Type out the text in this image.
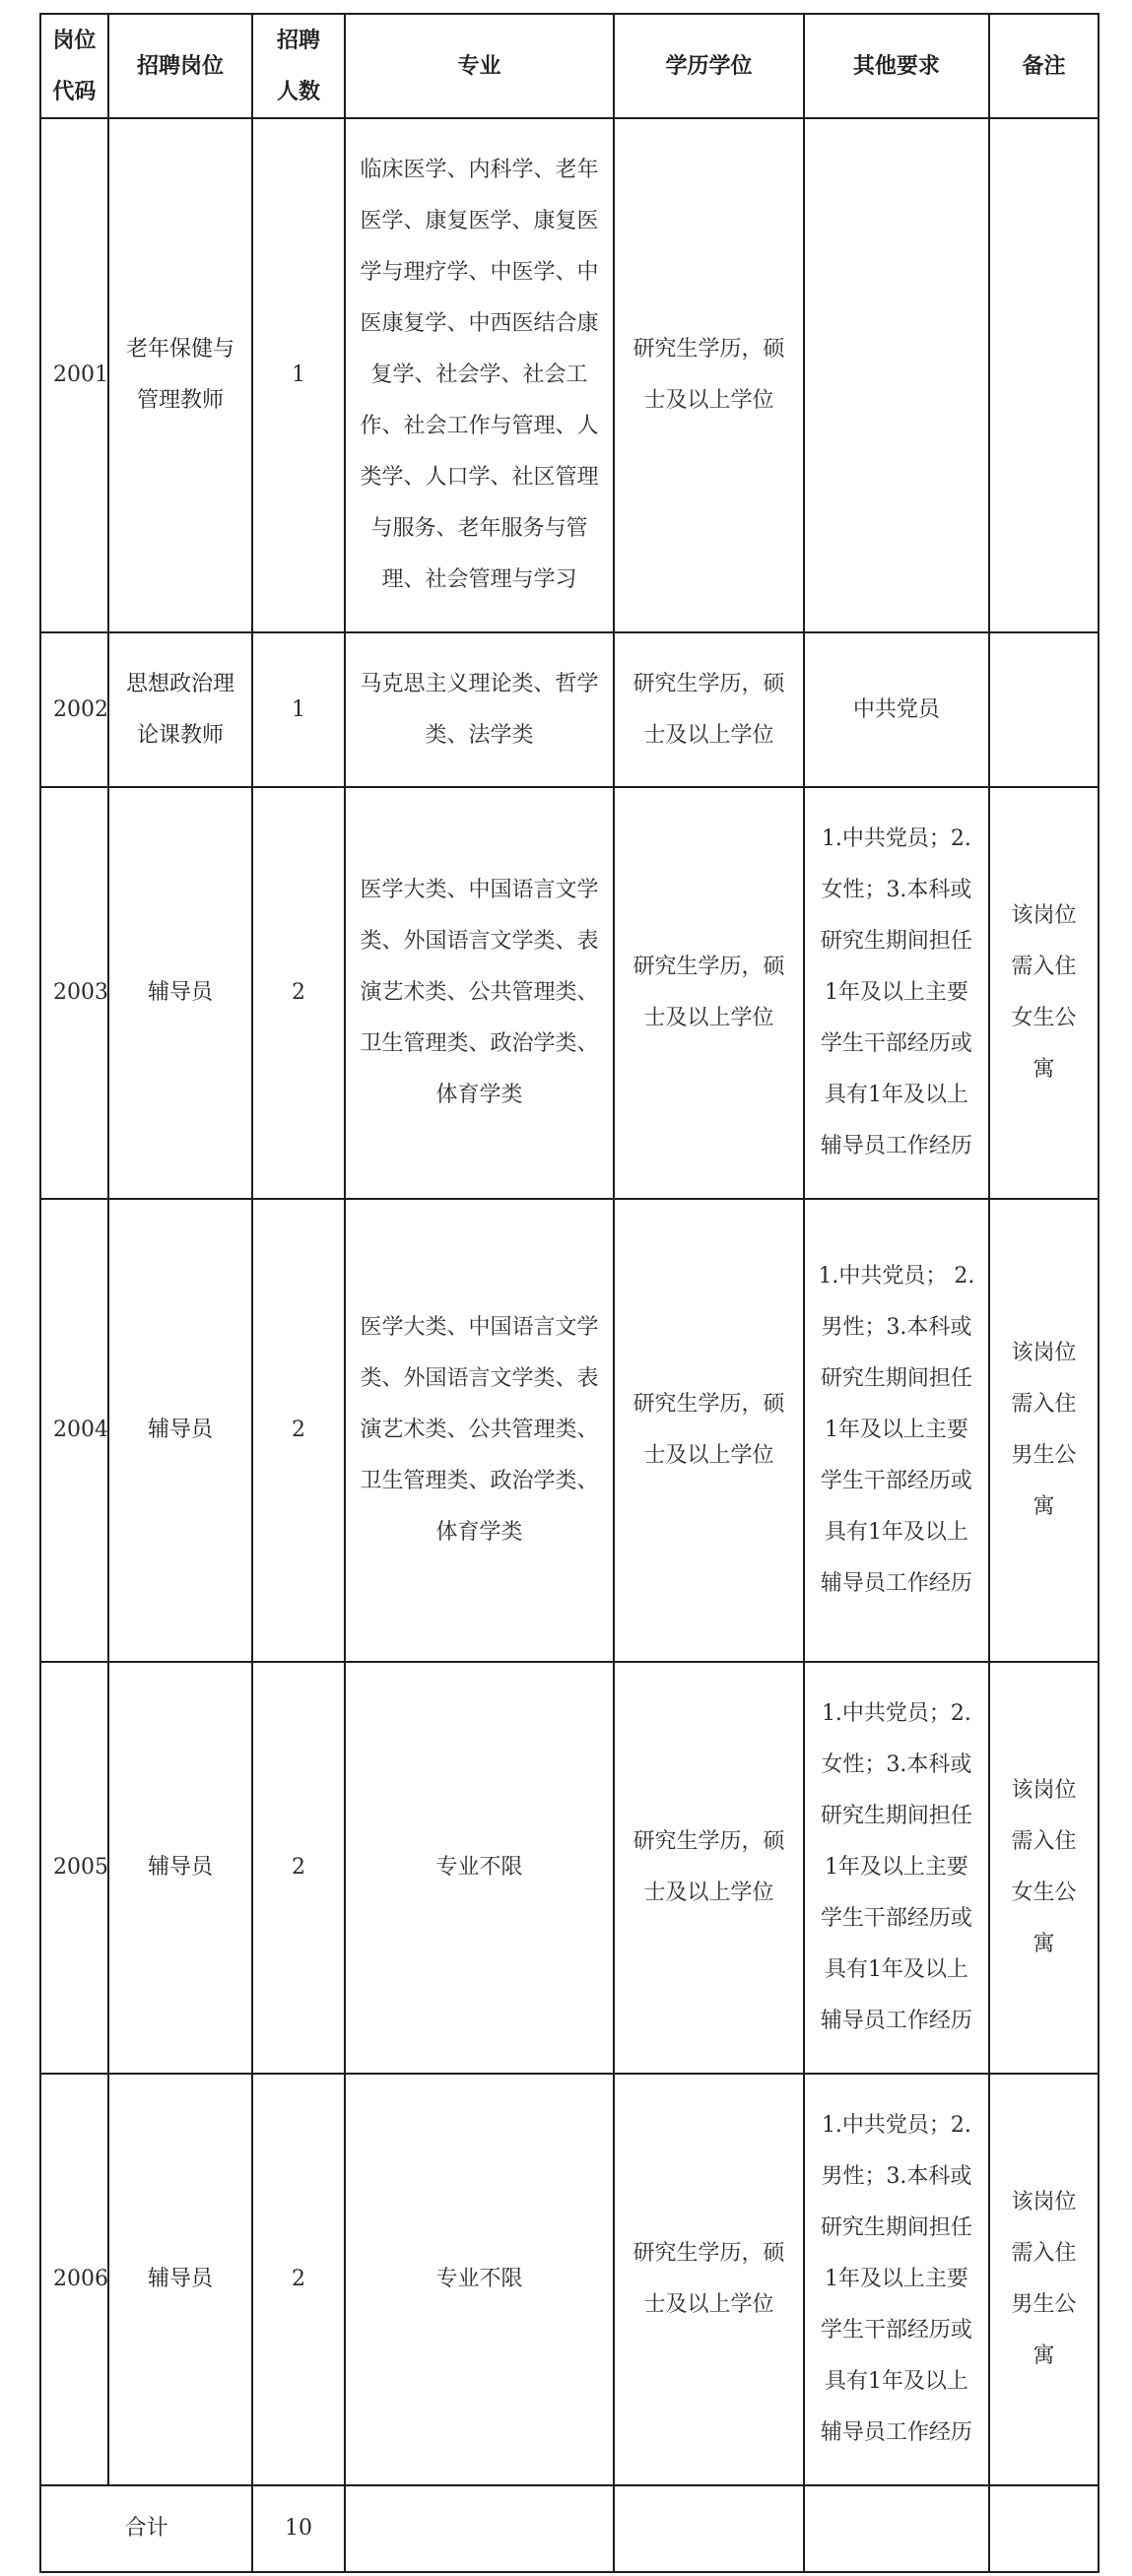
岗位代码	招聘岗位	招聘人数	专业	学历学位	其他要求	备注
2001	老年保健与管理教师	1	临床医学、内科学、老年医学、康复医学、康复医学与理疗学、中医学、中医康复学、中西医结合康复学、社会学、社会工作、社会工作与管理、人类学、人口学、社区管理与服务、老年服务与管理、社会管理与学习	研究生学历，硕士及以上学位		
2002	思想政治理论课教师	1	马克思主义理论类、哲学类、法学类	研究生学历，硕士及以上学位	中共党员	
2003	辅导员	2	医学大类、中国语言文学类、外国语言文学类、表演艺术类、公共管理类、卫生管理类、政治学类、体育学类	研究生学历，硕士及以上学位	1.中共党员；2.女性；3.本科或研究生期间担任1年及以上主要学生干部经历或具有1年及以上辅导员工作经历	该岗位需入住女生公寓
2004	辅导员	2	医学大类、中国语言文学类、外国语言文学类、表演艺术类、公共管理类、卫生管理类、政治学类、体育学类	研究生学历，硕士及以上学位	1.中共党员； 2.男性；3.本科或研究生期间担任1年及以上主要学生干部经历或具有1年及以上辅导员工作经历	该岗位需入住男生公寓
2005	辅导员	2	专业不限	研究生学历，硕士及以上学位	1.中共党员；2.女性；3.本科或研究生期间担任1年及以上主要学生干部经历或具有1年及以上辅导员工作经历	该岗位需入住女生公寓
2006	辅导员	2	专业不限	研究生学历，硕士及以上学位	1.中共党员；2.男性；3.本科或研究生期间担任1年及以上主要学生干部经历或具有1年及以上辅导员工作经历	该岗位需入住男生公寓
合计		10				
